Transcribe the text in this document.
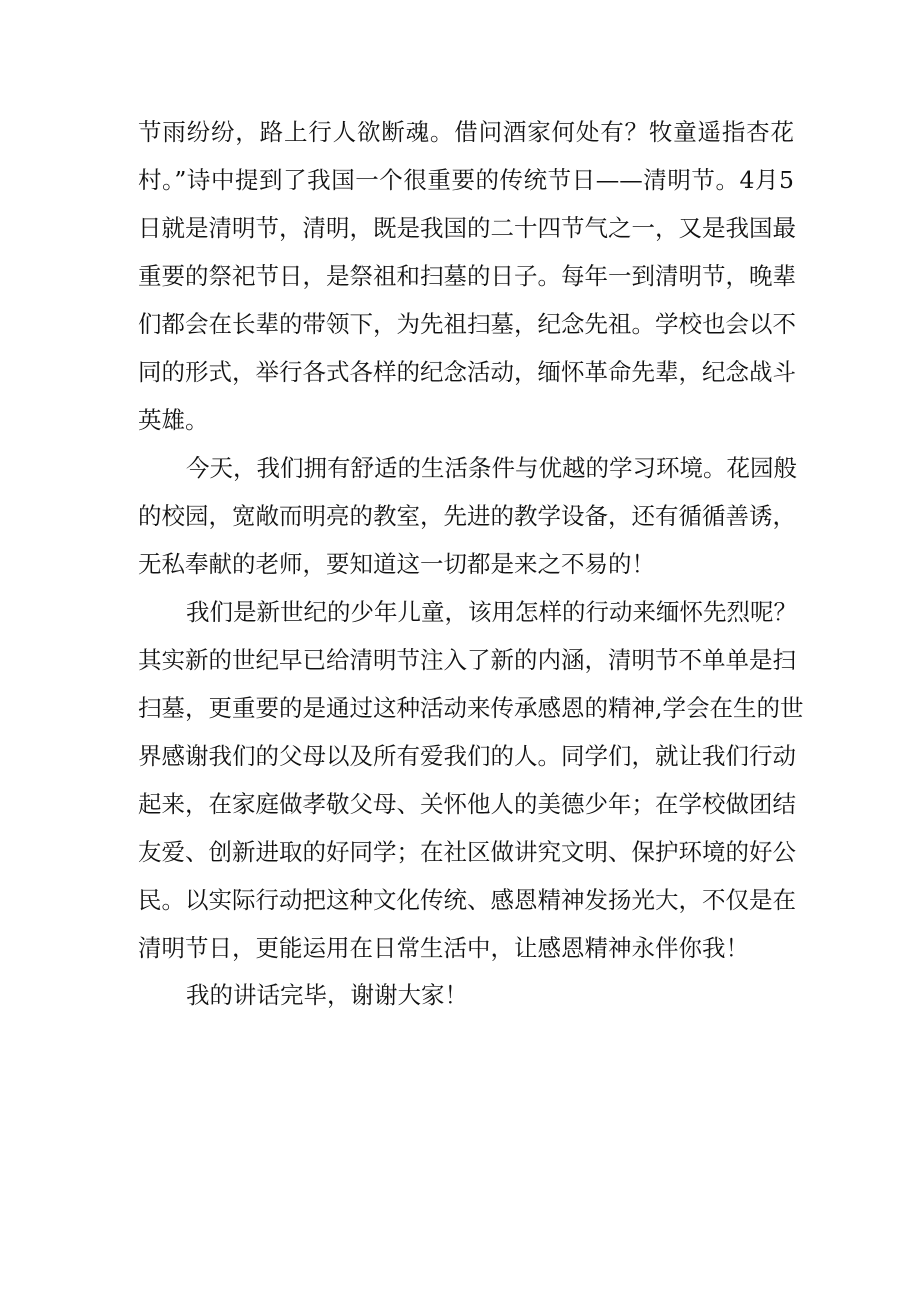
节雨纷纷，路上行人欲断魂。借问酒家何处有？牧童遥指杏花
村。”诗中提到了我国一个很重要的传统节日——清明节。4月5
日就是清明节，清明，既是我国的二十四节气之一，又是我国最
重要的祭祀节日，是祭祖和扫墓的日子。每年一到清明节，晚辈
们都会在长辈的带领下，为先祖扫墓，纪念先祖。学校也会以不
同的形式，举行各式各样的纪念活动，缅怀革命先辈，纪念战斗
英雄。
今天，我们拥有舒适的生活条件与优越的学习环境。花园般
的校园，宽敞而明亮的教室，先进的教学设备，还有循循善诱，
无私奉献的老师，要知道这一切都是来之不易的！
我们是新世纪的少年儿童，该用怎样的行动来缅怀先烈呢？
其实新的世纪早已给清明节注入了新的内涵，清明节不单单是扫
扫墓，更重要的是通过这种活动来传承感恩的精神,学会在生的世
界感谢我们的父母以及所有爱我们的人。同学们，就让我们行动
起来，在家庭做孝敬父母、关怀他人的美德少年；在学校做团结
友爱、创新进取的好同学；在社区做讲究文明、保护环境的好公
民。以实际行动把这种文化传统、感恩精神发扬光大，不仅是在
清明节日，更能运用在日常生活中，让感恩精神永伴你我！
我的讲话完毕，谢谢大家！
